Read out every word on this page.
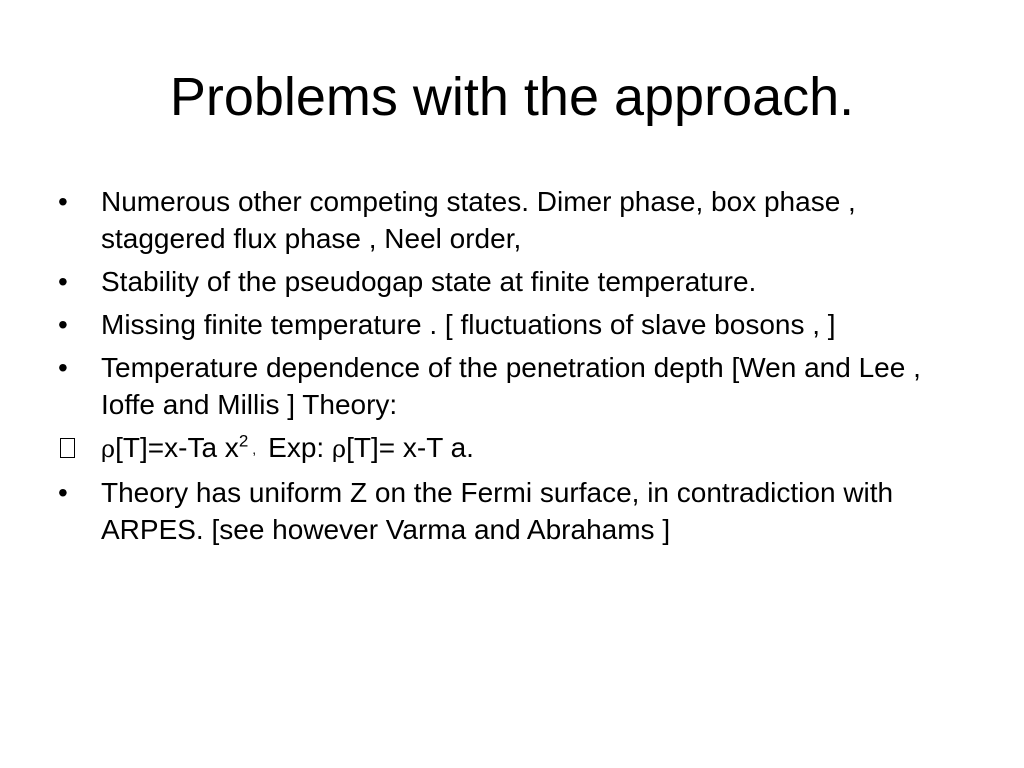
Problems with the approach.
•	Numerous other competing states. Dimer phase, box phase , staggered flux phase , Neel order,
•	Stability of the pseudogap state at finite temperature.
•	Missing finite temperature . [ fluctuations of slave bosons , ]
•	Temperature dependence of the penetration depth [Wen and Lee , Ioffe and Millis ] Theory:
ρ[T]=x-Ta $x^2$ , Exp: ρ[T]= x-T a.
•	Theory has uniform Z on the Fermi surface, in contradiction with ARPES. [see however Varma and Abrahams ]
